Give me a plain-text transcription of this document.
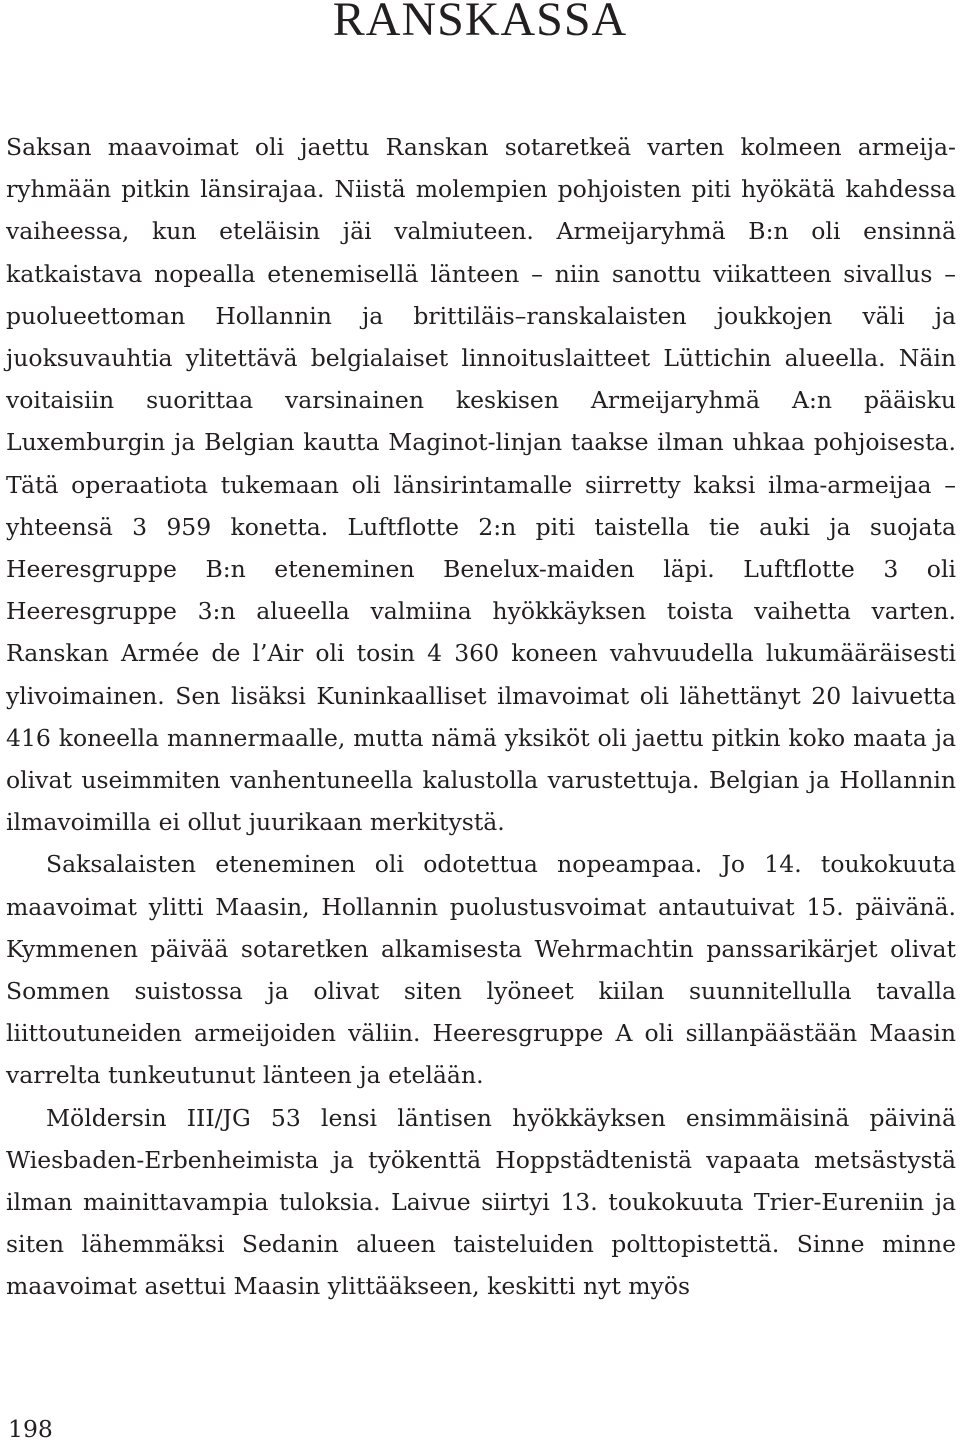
RANSKASSA

Saksan maavoimat oli jaettu Ranskan sotaretkeä varten kolmeen armeijaryhmään pitkin länsirajaa. Niistä molempien pohjoisten piti hyökätä kahdessa vaiheessa, kun eteläisin jäi valmiuteen. Armeijaryhmä B:n oli ensinnä katkaistava nopealla etenemisellä länteen – niin sanottu viikatteen sivallus – puolueettoman Hollannin ja brittiläis–ranskalaisten joukkojen väli ja juoksuvauhtia ylitettävä belgialaiset linnoituslaitteet Lüttichin alueella. Näin voitaisiin suorittaa varsinainen keskisen Armeijaryhmä A:n pääisku Luxemburgin ja Belgian kautta Maginot-linjan taakse ilman uhkaa pohjoisesta. Tätä operaatiota tukemaan oli länsirintamalle siirretty kaksi ilma-armeijaa – yhteensä 3 959 konetta. Luftflotte 2:n piti taistella tie auki ja suojata Heeresgruppe B:n eteneminen Benelux-maiden läpi. Luftflotte 3 oli Heeresgruppe 3:n alueella valmiina hyökkäyksen toista vaihetta varten. Ranskan Armée de l’Air oli tosin 4 360 koneen vahvuudella lukumääräisesti ylivoimainen. Sen lisäksi Kuninkaalliset ilmavoimat oli lähettänyt 20 laivuetta 416 koneella mannermaalle, mutta nämä yksiköt oli jaettu pitkin koko maata ja olivat useimmiten vanhentuneella kalustolla varustettuja. Belgian ja Hollannin ilmavoimilla ei ollut juurikaan merkitystä.

Saksalaisten eteneminen oli odotettua nopeampaa. Jo 14. toukokuuta maavoimat ylitti Maasin, Hollannin puolustusvoimat antautuivat 15. päivänä. Kymmenen päivää sotaretken alkamisesta Wehrmachtin panssarikärjet olivat Sommen suistossa ja olivat siten lyöneet kiilan suunnitellulla tavalla liittoutuneiden armeijoiden väliin. Heeresgruppe A oli sillanpäästään Maasin varrelta tunkeutunut länteen ja etelään.

Möldersin III/JG 53 lensi läntisen hyökkäyksen ensimmäisinä päivinä Wiesbaden-Erbenheimista ja työkenttä Hoppstädtenistä vapaata metsästystä ilman mainittavampia tuloksia. Laivue siirtyi 13. toukokuuta Trier-Eureniin ja siten lähemmäksi Sedanin alueen taisteluiden polttopistettä. Sinne minne maavoimat asettui Maasin ylittääkseen, keskitti nyt myös

198
